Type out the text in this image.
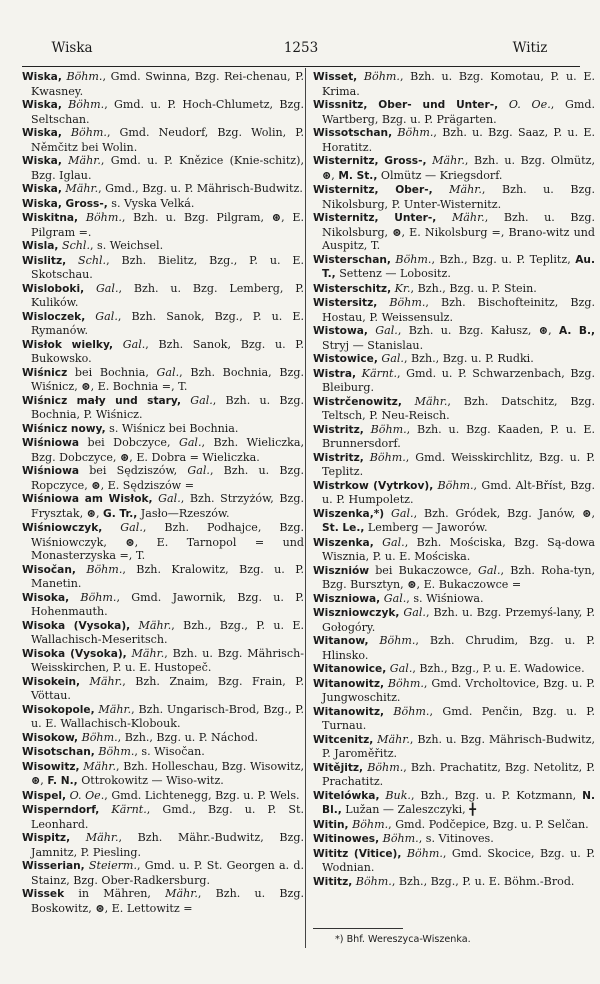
Wiska	1253	Witiz

Wiska, Böhm., Gmd. Swinna, Bzg. Rei-chenau, P. Kwasney.

Wiska, Böhm., Gmd. u. P. Hoch-Chlumetz, Bzg. Seltschan.

Wiska, Böhm., Gmd. Neudorf, Bzg. Wolin, P. Němčitz bei Wolin.

Wiska, Mähr., Gmd. u. P. Knězice (Knie-schitz), Bzg. Iglau.

Wiska, Mähr., Gmd., Bzg. u. P. Mährisch-Budwitz.

Wiska, Gross-, s. Vyska Velká.

Wiskitna, Böhm., Bzh. u. Bzg. Pilgram, ⊛, E. Pilgram =.

Wisla, Schl., s. Weichsel.

Wislitz, Schl., Bzh. Bielitz, Bzg., P. u. E. Skotschau.

Wisloboki, Gal., Bzh. u. Bzg. Lemberg, P. Kulików.

Wisloczek, Gal., Bzh. Sanok, Bzg., P. u. E. Rymanów.

Wisłok wielky, Gal., Bzh. Sanok, Bzg. u. P. Bukowsko.

Wiśnicz bei Bochnia, Gal., Bzh. Bochnia, Bzg. Wiśnicz, ⊛, E. Bochnia =, T.

Wiśnicz mały und stary, Gal., Bzh. u. Bzg. Bochnia, P. Wiśnicz.

Wiśnicz nowy, s. Wiśnicz bei Bochnia.

Wiśniowa bei Dobczyce, Gal., Bzh. Wieliczka, Bzg. Dobczyce, ⊛, E. Dobra = Wieliczka.

Wiśniowa bei Sędziszów, Gal., Bzh. u. Bzg. Ropczyce, ⊛, E. Sędziszów =

Wiśniowa am Wisłok, Gal., Bzh. Strzyżów, Bzg. Frysztak, ⊛, G. Tr., Jasło—Rzeszów.

Wiśniowczyk, Gal., Bzh. Podhajce, Bzg. Wiśniowczyk, ⊛, E. Tarnopol = und Monasterzyska =, T.

Wisočan, Böhm., Bzh. Kralowitz, Bzg. u. P. Manetin.

Wisoka, Böhm., Gmd. Jawornik, Bzg. u. P. Hohenmauth.

Wisoka (Vysoka), Mähr., Bzh., Bzg., P. u. E. Wallachisch-Meseritsch.

Wisoka (Vysoka), Mähr., Bzh. u. Bzg. Mährisch-Weisskirchen, P. u. E. Hustopeč.

Wisokein, Mähr., Bzh. Znaim, Bzg. Frain, P. Vöttau.

Wisokopole, Mähr., Bzh. Ungarisch-Brod, Bzg., P. u. E. Wallachisch-Klobouk.

Wisokow, Böhm., Bzh., Bzg. u. P. Náchod.

Wisotschan, Böhm., s. Wisočan.

Wisowitz, Mähr., Bzh. Holleschau, Bzg. Wisowitz, ⊛, F. N., Ottrokowitz — Wiso-witz.

Wispel, O. Oe., Gmd. Lichtenegg, Bzg. u. P. Wels.

Wisperndorf, Kärnt., Gmd., Bzg. u. P. St. Leonhard.

Wispitz, Mähr., Bzh. Mähr.-Budwitz, Bzg. Jamnitz, P. Piesling.

Wisserian, Steierm., Gmd. u. P. St. Georgen a. d. Stainz, Bzg. Ober-Radkersburg.

Wissek in Mähren, Mähr., Bzh. u. Bzg. Boskowitz, ⊛, E. Lettowitz =

Wisset, Böhm., Bzh. u. Bzg. Komotau, P. u. E. Krima.

Wissnitz, Ober- und Unter-, O. Oe., Gmd. Wartberg, Bzg. u. P. Prägarten.

Wissotschan, Böhm., Bzh. u. Bzg. Saaz, P. u. E. Horatitz.

Wisternitz, Gross-, Mähr., Bzh. u. Bzg. Olmütz, ⊛, M. St., Olmütz — Kriegsdorf.

Wisternitz, Ober-, Mähr., Bzh. u. Bzg. Nikolsburg, P. Unter-Wisternitz.

Wisternitz, Unter-, Mähr., Bzh. u. Bzg. Nikolsburg, ⊛, E. Nikolsburg =, Brano-witz und Auspitz, T.

Wisterschan, Böhm., Bzh., Bzg. u. P. Teplitz, Au. T., Settenz — Lobositz.

Wisterschitz, Kr., Bzh., Bzg. u. P. Stein.

Wistersitz, Böhm., Bzh. Bischofteinitz, Bzg. Hostau, P. Weissensulz.

Wistowa, Gal., Bzh. u. Bzg. Kałusz, ⊛, A. B., Stryj — Stanislau.

Wistowice, Gal., Bzh., Bzg. u. P. Rudki.

Wistra, Kärnt., Gmd. u. P. Schwarzenbach, Bzg. Bleiburg.

Wistrčenowitz, Mähr., Bzh. Datschitz, Bzg. Teltsch, P. Neu-Reisch.

Wistritz, Böhm., Bzh. u. Bzg. Kaaden, P. u. E. Brunnersdorf.

Wistritz, Böhm., Gmd. Weisskirchlitz, Bzg. u. P. Teplitz.

Wistrkow (Vytrkov), Böhm., Gmd. Alt-Bříst, Bzg. u. P. Humpoletz.

Wiszenka,*) Gal., Bzh. Gródek, Bzg. Janów, ⊛, St. Le., Lemberg — Jaworów.

Wiszenka, Gal., Bzh. Mościska, Bzg. Są-dowa Wisznia, P. u. E. Mościska.

Wiszniów bei Bukaczowce, Gal., Bzh. Roha-tyn, Bzg. Bursztyn, ⊛, E. Bukaczowce =

Wiszniowa, Gal., s. Wiśniowa.

Wiszniowczyk, Gal., Bzh. u. Bzg. Przemyś-lany, P. Gołogóry.

Witanow, Böhm., Bzh. Chrudim, Bzg. u. P. Hlinsko.

Witanowice, Gal., Bzh., Bzg., P. u. E. Wadowice.

Witanowitz, Böhm., Gmd. Vrcholtovice, Bzg. u. P. Jungwoschitz.

Witanowitz, Böhm., Gmd. Penčin, Bzg. u. P. Turnau.

Witcenitz, Mähr., Bzh. u. Bzg. Mährisch-Budwitz, P. Jaroměřitz.

Witějitz, Böhm., Bzh. Prachatitz, Bzg. Netolitz, P. Prachatitz.

Witelówka, Buk., Bzh., Bzg. u. P. Kotzmann, N. Bl., Lužan — Zaleszczyki, ╋

Witin, Böhm., Gmd. Podčepice, Bzg. u. P. Selčan.

Witinowes, Böhm., s. Vitinoves.

Wititz (Vitice), Böhm., Gmd. Skocice, Bzg. u. P. Wodnian.

Wititz, Böhm., Bzh., Bzg., P. u. E. Böhm.-Brod.

*) Bhf. Wereszyca-Wiszenka.
